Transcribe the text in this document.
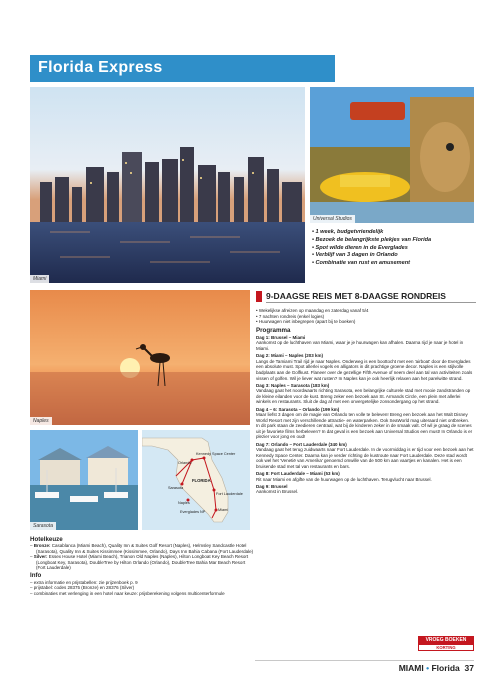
Florida Express
Miami
Universal Studios
• 1 week, budgetvriendelijk
• Bezoek de belangrijkste plekjes van Florida
• Spot wilde dieren in de Everglades
• Verblijf van 3 dagen in Orlando
• Combinatie van rust en amusement
Naples
Sarasota
Kennedy Space Center
Orlando
Sarasota
FLORIDA
Fort Lauderdale
Naples
Miami
Everglades NP
9-DAAGSE REIS MET 8-DAAGSE RONDREIS
• Wekelijkse afreizen op maandag en zaterdag vanaf 5/4
• 7 nachten rondreis (enkel logies)
• Huurwagen niet inbegrepen (apart bij te boeken)
Programma
Dag 1: Brussel – Miami
Aankomst op de luchthaven van Miami, waar je je huurwagen kan afhalen. Daarna rijd je naar je hotel in Miami.
Dag 2: Miami – Naples (203 km)
Langs de Tamiami Trail rijd je naar Naples. Onderweg is een boottocht met een 'airboat' door de Everglades een absolute must. Spot allerlei vogels en alligators in dit prachtige groene decor. Naples is een stijlvolle badplaats aan de Golfkust. Flaneer over de gezellige Fifth Avenue of neem deel aan tal van activiteiten zoals vissen of golfen. Wil je liever wat rusten? In Naples kan je ook heerlijk relaxen aan het parelwitte strand.
Dag 3: Naples – Sarasota (183 km)
Vandaag gaat het noordwaarts richting Sarasota, een belangrijke culturele stad met mooie zandstranden op de kleine eilanden voor de kust. Breng zeker een bezoek aan St. Armands Circle, een plein met allerlei winkels en restaurants. Sluit de dag af met een onvergetelijke zonsondergang op het strand.
Dag 4 – 6: Sarasota – Orlando (199 km)
Maar liefst 3 dagen om de magie van Orlando ten volle te beleven! Breng een bezoek aan het Walt Disney World Resort met zijn verschillende attractie- en waterparken. Ook SeaWorld mag uiteraard niet ontbreken. In dit park staan de zeedieren centraal, wat bij de kinderen zeker in de smaak valt. Of wil je graag de scenes uit je favoriete films herbeleven? In dat geval is een bezoek aan Universal Studios een must! In Orlando is er plezier voor jong en oud!
Dag 7: Orlando – Fort Lauderdale (340 km)
Vandaag gaat het terug zuidwaarts naar Fort Lauderdale. In de voormiddag is er tijd voor een bezoek aan het Kennedy Space Center. Daarna kan je verder richting de kustroute naar Fort Lauderdale. Deze stad wordt ook wel het 'Venetië van Amerika' genoemd omwille van de 500 km aan vaartjes en kanalen. Het is een bruisende stad met tal van restaurants en bars.
Dag 8: Fort Lauderdale – Miami (53 km)
Rit naar Miami en afgifte van de huurwagen op de luchthaven. Terugvlucht naar Brussel.
Dag 9: Brussel
Aankomst in Brussel.
Hotelkeuze
– Bronze: Casablanca (Miami Beach), Quality Inn & Suites Golf Resort (Naples), Helmsley Sandcastle Hotel (Sarasota), Quality Inn & Suites Kissimmee (Kissimmee, Orlando), Days Inn Bahia Cabana (Fort Lauderdale)
– Silver: Essex House Hotel (Miami Beach), Trianon Old Naples (Naples), Hilton Longboat Key Beach Resort (Longboat Key, Sarasota), DoubleTree by Hilton Orlando (Orlando), DoubleTree Bahia Mar Beach Resort (Fort Lauderdale)
Info
– extra informatie en prijstabellen: zie prijzenboek p. 9
– prijstabel: codes 28375 (Bronze) en 28376 (Silver)
– combinaties met verlenging in een hotel naar keuze: prijsberekening volgens multicenterformule
VROEG BOEKEN
KORTING
MIAMI • Florida 37
